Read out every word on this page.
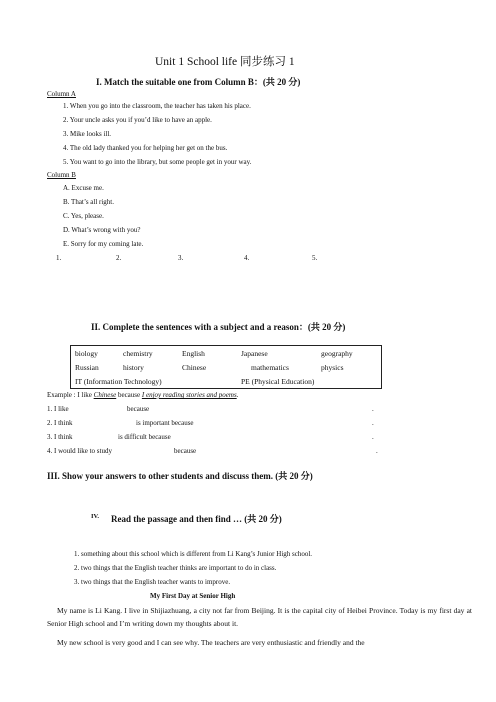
Unit 1 School life 同步练习 1
I. Match the suitable one from Column B：(共 20 分)
Column A
1. When you go into the classroom, the teacher has taken his place.
2. Your uncle asks you if you’d like to have an apple.
3. Mike looks ill.
4. The old lady thanked you for helping her get on the bus.
5. You want to go into the library, but some people get in your way.
Column B
A. Excuse me.
B. That’s all right.
C. Yes, please.
D. What’s wrong with you?
E. Sorry for my coming late.
1.	2.	3.	4.	5.
II. Complete the sentences with a subject and a reason：(共 20 分)
biology	chemistry	English	Japanese	geography
Russian	history	Chinese	mathematics	physics
IT (Information Technology)	PE (Physical Education)
Example : I like Chinese because I enjoy reading stories and poems.
1. I like	because	.
2. I think	is important because	.
3. I think	is difficult because	.
4. I would like to study	because	.
III. Show your answers to other students and discuss them. (共 20 分)
IV. Read the passage and then find … (共 20 分)
1. something about this school which is different from Li Kang’s Junior High school.
2. two things that the English teacher thinks are important to do in class.
3. two things that the English teacher wants to improve.
My First Day at Senior High
My name is Li Kang. I live in Shijiazhuang, a city not far from Beijing. It is the capital city of Heibei Province. Today is my first day at Senior High school and I’m writing down my thoughts about it.
My new school is very good and I can see why. The teachers are very enthusiastic and friendly and the
